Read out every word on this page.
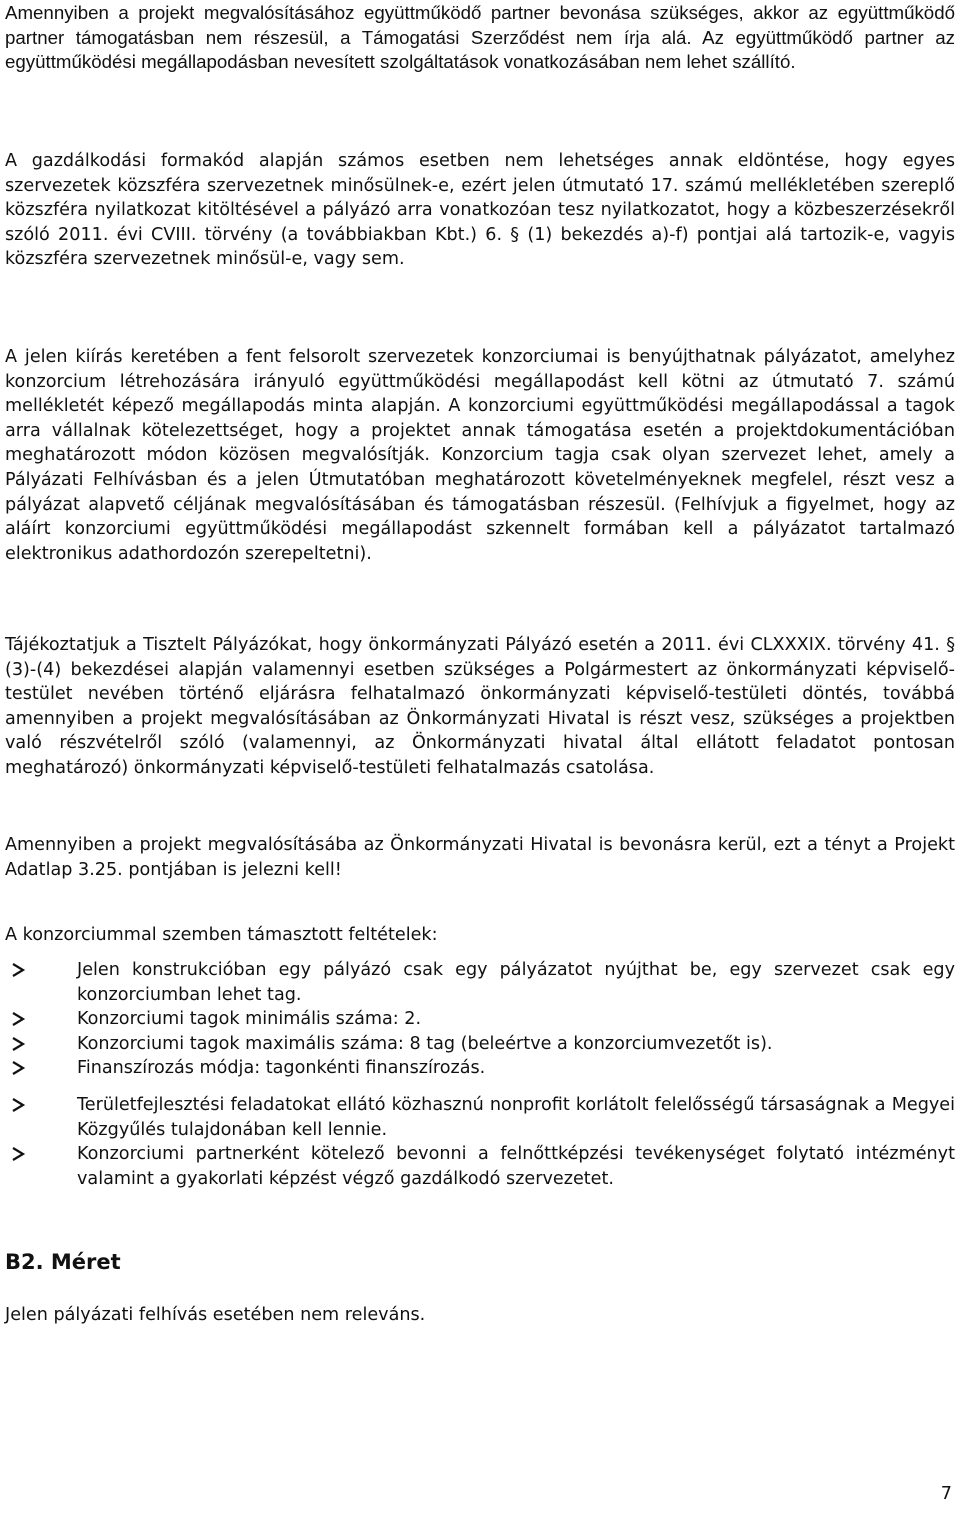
Amennyiben a projekt megvalósításához együttműködő partner bevonása szükséges, akkor az együttműködő partner támogatásban nem részesül, a Támogatási Szerződést nem írja alá. Az együttműködő partner az együttműködési megállapodásban nevesített szolgáltatások vonatkozásában nem lehet szállító.

A gazdálkodási formakód alapján számos esetben nem lehetséges annak eldöntése, hogy egyes szervezetek közszféra szervezetnek minősülnek-e, ezért jelen útmutató 17. számú mellékletében szereplő közszféra nyilatkozat kitöltésével a pályázó arra vonatkozóan tesz nyilatkozatot, hogy a közbeszerzésekről szóló 2011. évi CVIII. törvény (a továbbiakban Kbt.) 6. § (1) bekezdés a)-f) pontjai alá tartozik-e, vagyis közszféra szervezetnek minősül-e, vagy sem.

A jelen kiírás keretében a fent felsorolt szervezetek konzorciumai is benyújthatnak pályázatot, amelyhez konzorcium létrehozására irányuló együttműködési megállapodást kell kötni az útmutató 7. számú mellékletét képező megállapodás minta alapján. A konzorciumi együttműködési megállapodással a tagok arra vállalnak kötelezettséget, hogy a projektet annak támogatása esetén a projektdokumentációban meghatározott módon közösen megvalósítják. Konzorcium tagja csak olyan szervezet lehet, amely a Pályázati Felhívásban és a jelen Útmutatóban meghatározott követelményeknek megfelel, részt vesz a pályázat alapvető céljának megvalósításában és támogatásban részesül. (Felhívjuk a figyelmet, hogy az aláírt konzorciumi együttműködési megállapodást szkennelt formában kell a pályázatot tartalmazó elektronikus adathordozón szerepeltetni).

Tájékoztatjuk a Tisztelt Pályázókat, hogy önkormányzati Pályázó esetén a 2011. évi CLXXXIX. törvény 41. § (3)-(4) bekezdései alapján valamennyi esetben szükséges a Polgármestert az önkormányzati képviselő-testület nevében történő eljárásra felhatalmazó önkormányzati képviselő-testületi döntés, továbbá amennyiben a projekt megvalósításában az Önkormányzati Hivatal is részt vesz, szükséges a projektben való részvételről szóló (valamennyi, az Önkormányzati hivatal által ellátott feladatot pontosan meghatározó) önkormányzati képviselő-testületi felhatalmazás csatolása.

Amennyiben a projekt megvalósításába az Önkormányzati Hivatal is bevonásra kerül, ezt a tényt a Projekt Adatlap 3.25. pontjában is jelezni kell!

A konzorciummal szemben támasztott feltételek:

Jelen konstrukcióban egy pályázó csak egy pályázatot nyújthat be, egy szervezet csak egy konzorciumban lehet tag.
Konzorciumi tagok minimális száma: 2.
Konzorciumi tagok maximális száma: 8 tag (beleértve a konzorciumvezetőt is).
Finanszírozás módja: tagonkénti finanszírozás.
Területfejlesztési feladatokat ellátó közhasznú nonprofit korlátolt felelősségű társaságnak a Megyei Közgyűlés tulajdonában kell lennie.
Konzorciumi partnerként kötelező bevonni a felnőttképzési tevékenységet folytató intézményt valamint a gyakorlati képzést végző gazdálkodó szervezetet.
B2. Méret

Jelen pályázati felhívás esetében nem releváns.

7
